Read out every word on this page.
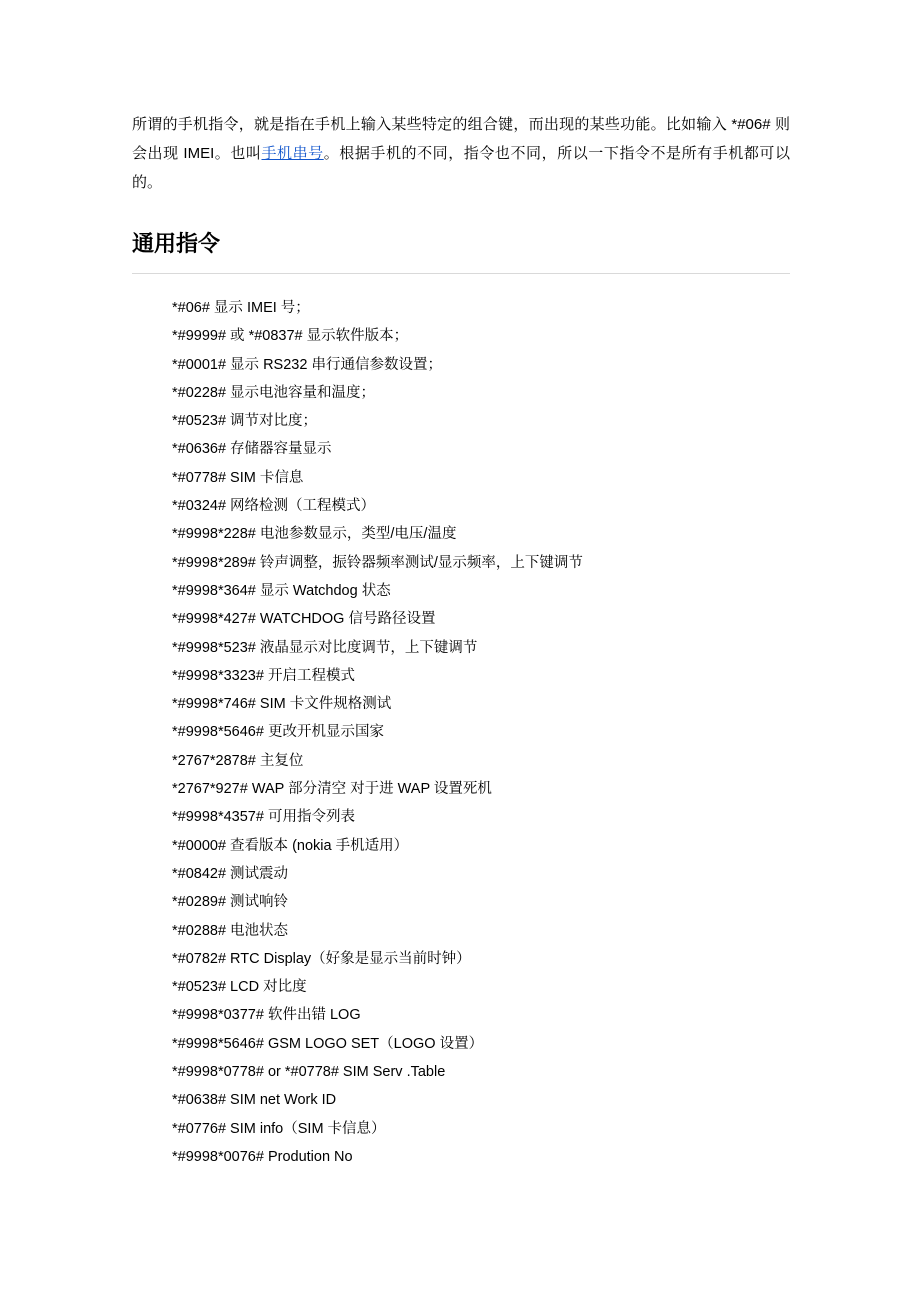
所谓的手机指令，就是指在手机上输入某些特定的组合键，而出现的某些功能。比如输入 *#06# 则会出现 IMEI。也叫手机串号。根据手机的不同，指令也不同，所以一下指令不是所有手机都可以的。

通用指令
*#06# 显示 IMEI 号；
*#9999# 或 *#0837# 显示软件版本；
*#0001# 显示 RS232 串行通信参数设置；
*#0228# 显示电池容量和温度；
*#0523# 调节对比度；
*#0636# 存储器容量显示
*#0778# SIM 卡信息
*#0324# 网络检测（工程模式）
*#9998*228# 电池参数显示，类型/电压/温度
*#9998*289# 铃声调整，振铃器频率测试/显示频率，上下键调节
*#9998*364# 显示 Watchdog 状态
*#9998*427# WATCHDOG 信号路径设置
*#9998*523# 液晶显示对比度调节，上下键调节
*#9998*3323# 开启工程模式
*#9998*746# SIM 卡文件规格测试
*#9998*5646# 更改开机显示国家
*2767*2878# 主复位
*2767*927# WAP 部分清空 对于进 WAP 设置死机
*#9998*4357# 可用指令列表
*#0000# 查看版本 (nokia 手机适用）
*#0842# 测试震动
*#0289# 测试响铃
*#0288# 电池状态
*#0782# RTC Display（好象是显示当前时钟）
*#0523# LCD 对比度
*#9998*0377# 软件出错 LOG
*#9998*5646# GSM LOGO SET（LOGO 设置）
*#9998*0778# or *#0778# SIM Serv .Table
*#0638# SIM net Work ID
*#0776# SIM info（SIM 卡信息）
*#9998*0076# Prodution No
